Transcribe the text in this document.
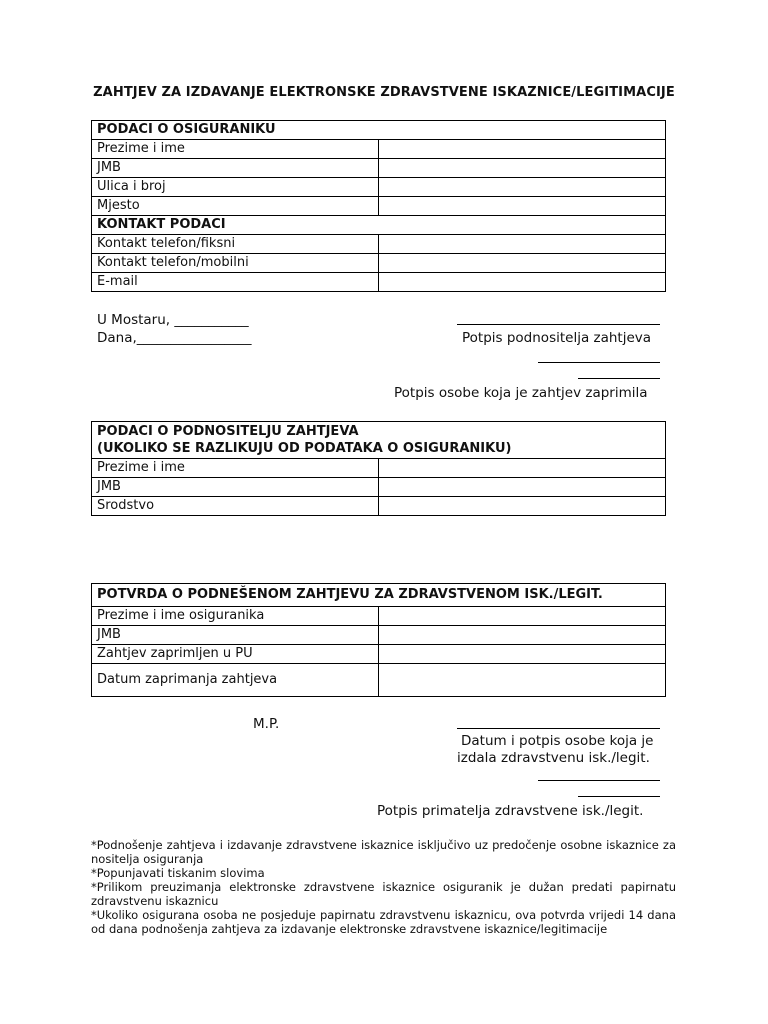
ZAHTJEV ZA IZDAVANJE ELEKTRONSKE ZDRAVSTVENE ISKAZNICE/LEGITIMACIJE
PODACI O OSIGURANIKU	
Prezime i ime	
JMB	
Ulica i broj	
Mjesto	
KONTAKT PODACI	
Kontakt telefon/fiksni	
Kontakt telefon/mobilni	
E-mail	
U Mostaru, ___________
Dana,_________________	Potpis podnositelja zahtjeva
Potpis osobe koja je zahtjev zaprimila
PODACI O PODNOSITELJU ZAHTJEVA
(UKOLIKO SE RAZLIKUJU OD PODATAKA O OSIGURANIKU)	

Prezime i ime	
JMB	
Srodstvo	
POTVRDA O PODNEŠENOM ZAHTJEVU ZA ZDRAVSTVENOM ISK./LEGIT.	
Prezime i ime osiguranika	
JMB	
Zahtjev zaprimljen u PU	
Datum zaprimanja zahtjeva	
M.P.
Datum i potpis osobe koja je
izdala zdravstvenu isk./legit.
Potpis primatelja zdravstvene isk./legit.

*Podnošenje zahtjeva i izdavanje zdravstvene iskaznice isključivo uz predočenje osobne iskaznice za nositelja osiguranja

*Popunjavati tiskanim slovima

*Prilikom preuzimanja elektronske zdravstvene iskaznice osiguranik je dužan predati papirnatu zdravstvenu iskaznicu

*Ukoliko osigurana osoba ne posjeduje papirnatu zdravstvenu iskaznicu, ova potvrda vrijedi 14 dana od dana podnošenja zahtjeva za izdavanje elektronske zdravstvene iskaznice/legitimacije
